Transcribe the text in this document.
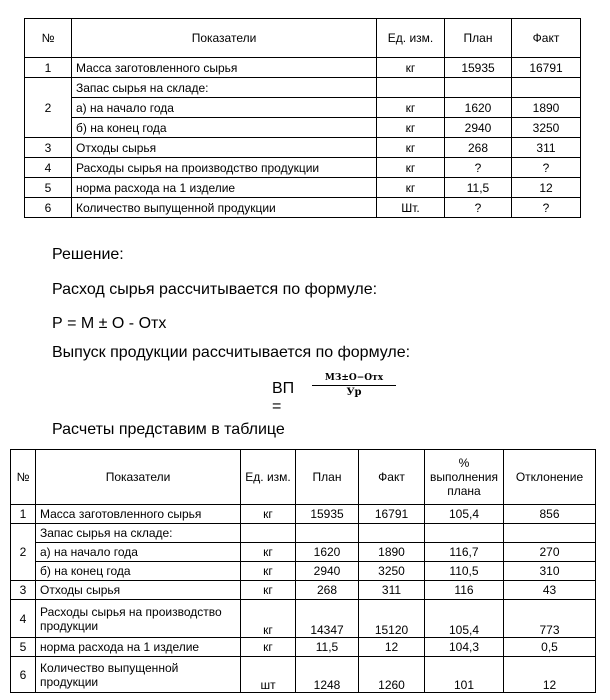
№	Показатели	Ед. изм.	План	Факт
1	Масса заготовленного сырья	кг	15935	16791
2	Запас сырья на складе:			
	а) на начало года	кг	1620	1890
	б) на конец года	кг	2940	3250
3	Отходы сырья	кг	268	311
4	Расходы сырья на производство продукции	кг	?	?
5	норма расхода на 1 изделие	кг	11,5	12
6	Количество выпущенной продукции	Шт.	?	?

Решение:

Расход сырья рассчитывается по формуле:

Р = М ± О - Отх

Выпуск продукции рассчитывается по формуле:

ВП =
МЗ±О−Отх
Ур

Расчеты представим в таблице

№	Показатели	Ед. изм.	План	Факт	% выполнения плана	Отклонение
1	Масса заготовленного сырья	кг	15935	16791	105,4	856
2	Запас сырья на складе:					
	а) на начало года	кг	1620	1890	116,7	270
	б) на конец года	кг	2940	3250	110,5	310
3	Отходы сырья	кг	268	311	116	43
4	Расходы сырья на производство продукции	кг	14347	15120	105,4	773
5	норма расхода на 1 изделие	кг	11,5	12	104,3	0,5
6	Количество выпущенной продукции	шт	1248	1260	101	12
